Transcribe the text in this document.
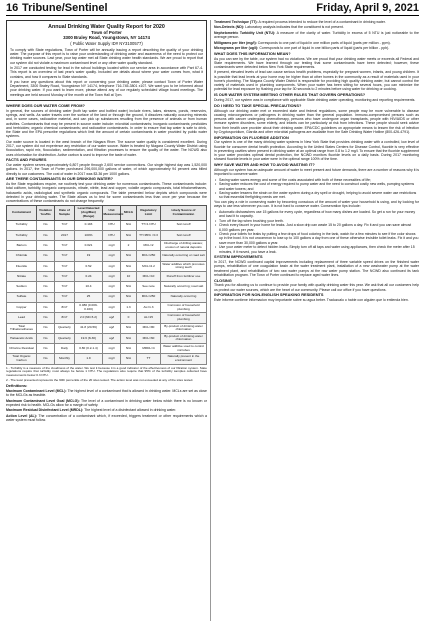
16 Tribune/Sentinel	Friday, April 9, 2021
Annual Drinking Water Quality Report for 2020
Town of Porter
3300 Braley Road, Youngstown, NY 14174
( Public Water Supply ID# NY3100577)
To comply with State regulations, Town of Porter will be annually issuing a report describing the quality of your drinking water. The purpose of this report is to raise your understanding of drinking water and awareness of the need to protect our drinking water sources. Last year, your tap water met all State drinking water health standards. We are proud to report that our system did not violate a maximum contaminant level or any other water quality standard.
In 2017 we conducted testing for lead in the school buildings located within our service area in accordance with Part 67-4. This report is an overview of last year's water quality. Included are details about where your water comes from, what it contains, and how it compares to State standards.
If you have any questions about this report or concerning your drinking water, please contact Town of Porter Water Department, 3300 Braley Road, Youngstown NY 14174, telephone 716-745-3801 x107. We want you to be informed about your drinking water. If you want to learn more, please attend any of our regularly scheduled village board meetings. The meetings are held second Monday of the month at the Town Hall at 7pm.
WHERE DOES OUR WATER COME FROM?
In general, the sources of drinking water (both tap water and bottled water) include rivers, lakes, streams, ponds, reservoirs, springs, and wells. As water travels over the surface of the land or through the ground, it dissolves naturally occurring minerals and, in some cases, radioactive material, and can pick up substances resulting from the presence of animals or from human activities. Contaminants that may be present in source water include: microbial contaminants; inorganic contaminants; pesticides and herbicides; organic chemical contaminants; and radioactive contaminants. In order to ensure that tap water is safe to drink, the State and the EPA prescribe regulations which limit the amount of certain contaminants in water provided by public water systems.
Our water source is located in the west branch of the Niagara River. The source water quality is considered excellent. During 2017, our system did not experience any restriction of our water source. Water is treated by Niagara County Water District using flocculation, rapid mix, flocculation, sedimentation, and filtration processes to ensure the quality of the water. The NCWD also uses chlorination for disinfection. Active carbon is used to improve the taste of water.
FACTS AND FIGURES
Our water system serves approximately 6,807 people through 2,600 service connections. Our single highest day was 1,520,000 gallons. In 2017, the Town of Porter purchased 296,000,000 gallons of water, of which approximately 94 percent was billed directly to our customers. The cost of water in 2017 was $3.36 per 1000 gallons.
ARE THERE CONTAMINANTS IN OUR DRINKING WATER?
As the State regulations require, we routinely test your drinking water for numerous contaminants. These contaminants include: total coliform, turbidity, inorganic compounds, nitrate, nitrite, lead and copper, volatile organic compounds, total trihalomethanes, haloacetic acids, radiological and synthetic organic compounds. The table presented below depicts which compounds were detected in your drinking water. The State allows us to test for some contaminants less than once per year because the concentrations of these contaminants do not change frequently.
Contaminant	Violation Yes/No	Date of Sample	Level Detected (Avg/Max) (Range)	Unit Measurement	MCLG	Regulatory Limit	Likely Source of Contamination
Turbidity	No	7/17	0.193	NTU	N/A	TT=1 NTU	Soil runoff
Turbidity	No	2017	100%	NTU	N/A	TT=95% <0.3	Soil runoff
Barium	No	7/17	0.021	mg/l	2	MCL=2	Discharge of drilling wastes; erosion of natural deposits
Chloride	No	7/17	19	mg/l	N/A	MCL=250	Naturally occurring or road salt
Fluoride	No	7/17	0.52	mg/l	N/A	MCL=2.2	Water additive which promotes strong teeth
Nitrate	No	7/17	0.24	mg/l	10	MCL=10	Runoff from fertilizer use
Sodium	No	7/17	10.4	mg/l	N/A	See note	Naturally occurring; road salt
Sulfate	No	7/17	25	mg/l	N/A	MCL=250	Naturally occurring
Copper	No	8/17	0.080 (0.009-0.160)	mg/l	1.3	AL=1.3	Corrosion of household plumbing
Lead	No	8/17	2.0 (ND-5.2)	ug/l	0	AL=15	Corrosion of household plumbing
Total Trihalomethanes	No	Quarterly	41.8 (20-59)	ug/l	N/A	MCL=80	By-product of drinking water chlorination
Haloacetic Acids	No	Quarterly	19.6 (8-30)	ug/l	N/A	MCL=60	By-product of drinking water chlorination
Chlorine Residual	No	Daily	0.80 (0.2-1.4)	mg/l	N/A	MRDL=4	Water additive used to control microbes
Total Organic Carbon	No	Monthly	1.9	mg/l	N/A	TT	Naturally present in the environment
1 - Turbidity is a measure of the cloudiness of the water. We test it because it is a good indicator of the effectiveness of our filtration system. State regulations require that turbidity must always be below 1 NTU. The regulations also require that 95% of the turbidity samples collected have measurements below 0.3 NTU.
2 - The level presented represents the 90th percentile of the 20 sites tested. The action level was not exceeded at any of the sites tested.
Definitions:
Maximum Contaminant Level (MCL): The highest level of a contaminant that is allowed in drinking water. MCLs are set as close to the MCLGs as feasible.
Maximum Contaminant Level Goal (MCLG): The level of a contaminant in drinking water below which there is no known or expected risk to health. MCLGs allow for a margin of safety.
Maximum Residual Disinfectant Level (MRDL): The highest level of a disinfectant allowed in drinking water.
Action Level (AL): The concentration of a contaminant which, if exceeded, triggers treatment or other requirements which a water system must follow.
Treatment Technique (TT): A required process intended to reduce the level of a contaminant in drinking water.
Non-Detects (ND): Laboratory analysis indicates that the constituent is not present.
Nephelometric Turbidity Unit (NTU): A measure of the clarity of water. Turbidity in excess of 5 NTU is just noticeable to the average person.
Milligrams per liter (mg/l): Corresponds to one part of liquid in one million parts of liquid (parts per million - ppm).
Micrograms per liter (ug/l): Corresponds to one part of liquid in one billion parts of liquid (parts per billion - ppb).
WHAT DOES THIS INFORMATION MEAN?
As you can see by the table, our system had no violations. We are proud that your drinking water meets or exceeds all Federal and State requirements. We have learned through our testing that some contaminants have been detected; however, these contaminants were detected below New York State requirements.
If present, elevated levels of lead can cause serious health problems, especially for pregnant women, infants, and young children. It is possible that lead levels at your home may be higher than at other homes in the community as a result of materials used in your home's plumbing. The Niagara County Water District is responsible for providing high quality drinking water, but cannot control the variety of materials used in plumbing components. When your water has been sitting for several hours, you can minimize the potential for lead exposure by flushing your tap for 30 seconds to 2 minutes before using water for drinking or cooking.
IS OUR WATER SYSTEM MEETING OTHER RULES THAT GOVERN OPERATIONS?
During 2017, our system was in compliance with applicable State drinking water operating, monitoring and reporting requirements.
DO I NEED TO TAKE SPECIAL PRECAUTIONS?
Although our drinking water met or exceeded state and federal regulations, some people may be more vulnerable to disease causing microorganisms or pathogens in drinking water than the general population. Immuno-compromised persons such as persons with cancer undergoing chemotherapy, persons who have undergone organ transplants, people with HIV/AIDS or other immune system disorders, some elderly, and infants can be particularly at risk from infections. These people should seek advice from their health care provider about their drinking water. EPA/CDC guidelines on appropriate means to lessen the risk of infection by Cryptosporidium, Giardia and other microbial pathogens are available from the Safe Drinking Water Hotline (800-426-4791).
INFORMATION ON FLUORIDE ADDITION
Our system is one of the many drinking water systems in New York State that provides drinking water with a controlled, low level of fluoride for consumer dental health protection. According to the United States Centers for Disease Control, fluoride is very effective in preventing cavities when present in drinking water at an optimal range from 0.8 to 1.2 mg/l. To ensure that the fluoride supplement in your water provides optimal dental protection, the NCWD monitors fluoride levels on a daily basis. During 2017 monitoring showed fluoride levels in your water were in the optimal range 100% of the time.
WHY SAVE WATER AND HOW TO AVOID WASTING IT?
Although our system has an adequate amount of water to meet present and future demands, there are a number of reasons why it is important to conserve water:
• Saving water saves energy and some of the costs associated with both of these necessities of life;
• Saving water reduces the cost of energy required to pump water and the need to construct costly new wells, pumping systems and water towers; and
• Saving water lessens the strain on the water system during a dry spell or drought, helping to avoid severe water use restrictions so that essential firefighting needs are met.
You can play a role in conserving water by becoming conscious of the amount of water your household is using, and by looking for ways to use less whenever you can. It is not hard to conserve water. Conservation tips include:
• Automatic dishwashers use 15 gallons for every cycle, regardless of how many dishes are loaded. So get a run for your money and load it to capacity.
• Turn off the tap when brushing your teeth.
• Check every faucet in your home for leaks. Just a slow drip can waste 15 to 20 gallons a day. Fix it and you can save almost 6,000 gallons per year.
• Check your toilets for leaks by putting a few drops of food coloring in the tank, watch for a few minutes to see if the color shows up in the bowl. It is not uncommon to lose up to 100 gallons a day from one of these otherwise invisible toilet leaks. Fix it and you save more than 30,000 gallons a year.
• Use your water meter to detect hidden leaks. Simply turn off all taps and water using appliances, then check the meter after 15 minutes, if it moved, you have a leak.
SYSTEM IMPROVEMENTS
In 2017, the NCWD continued capital improvements including replacement of three variable speed drives on the finished water pumps, rehabilitation of one coagulation basin at the water treatment plant, installation of a new washwater pump at the water treatment plant, and rehabilitation of two raw water pumps at the raw water pump station. The NCWD also continued its tank rehabilitation program. The Town of Porter continued to replace aged water lines.
CLOSING
Thank you for allowing us to continue to provide your family with quality drinking water this year. We ask that all our customers help us protect our water sources, which are the heart of our community. Please call our office if you have questions.
INFORMATION FOR NON-ENGLISH SPEAKING RESIDENTS
Este informe contiene informacion muy importante sobre su agua beber. Traduzcalo o hable con alguien que lo entienda bien.
